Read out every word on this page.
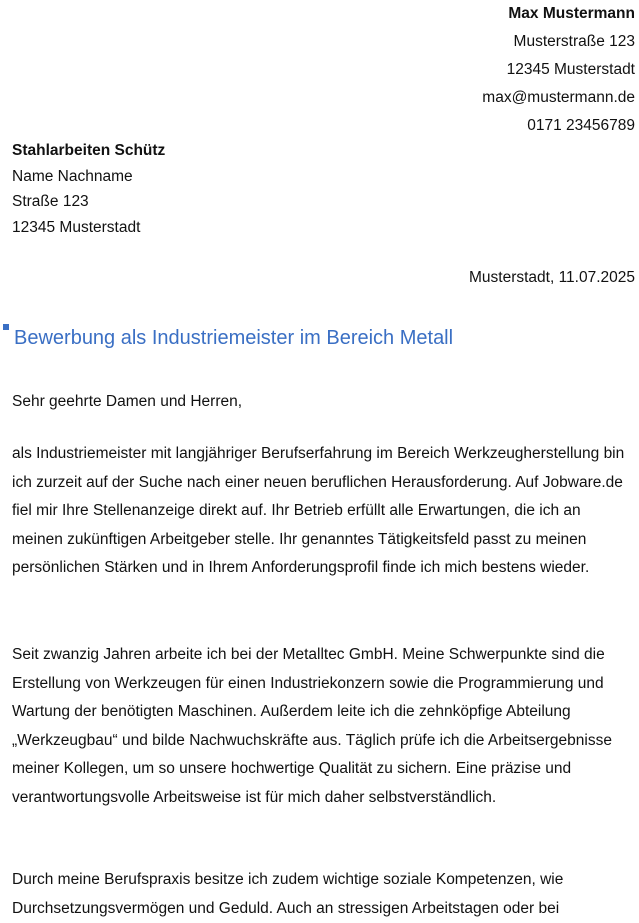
Max Mustermann
Musterstraße 123
12345 Musterstadt
max@mustermann.de
0171 23456789
Stahlarbeiten Schütz
Name Nachname
Straße 123
12345 Musterstadt
Musterstadt, 11.07.2025
Bewerbung als Industriemeister im Bereich Metall
Sehr geehrte Damen und Herren,

als Industriemeister mit langjähriger Berufserfahrung im Bereich Werkzeugherstellung bin ich zurzeit auf der Suche nach einer neuen beruflichen Herausforderung. Auf Jobware.de fiel mir Ihre Stellenanzeige direkt auf. Ihr Betrieb erfüllt alle Erwartungen, die ich an meinen zukünftigen Arbeitgeber stelle. Ihr genanntes Tätigkeitsfeld passt zu meinen persönlichen Stärken und in Ihrem Anforderungsprofil finde ich mich bestens wieder.

Seit zwanzig Jahren arbeite ich bei der Metalltec GmbH. Meine Schwerpunkte sind die Erstellung von Werkzeugen für einen Industriekonzern sowie die Programmierung und Wartung der benötigten Maschinen. Außerdem leite ich die zehnköpfige Abteilung „Werkzeugbau“ und bilde Nachwuchskräfte aus. Täglich prüfe ich die Arbeitsergebnisse meiner Kollegen, um so unsere hochwertige Qualität zu sichern. Eine präzise und verantwortungsvolle Arbeitsweise ist für mich daher selbstverständlich.

Durch meine Berufspraxis besitze ich zudem wichtige soziale Kompetenzen, wie Durchsetzungsvermögen und Geduld. Auch an stressigen Arbeitstagen oder bei
